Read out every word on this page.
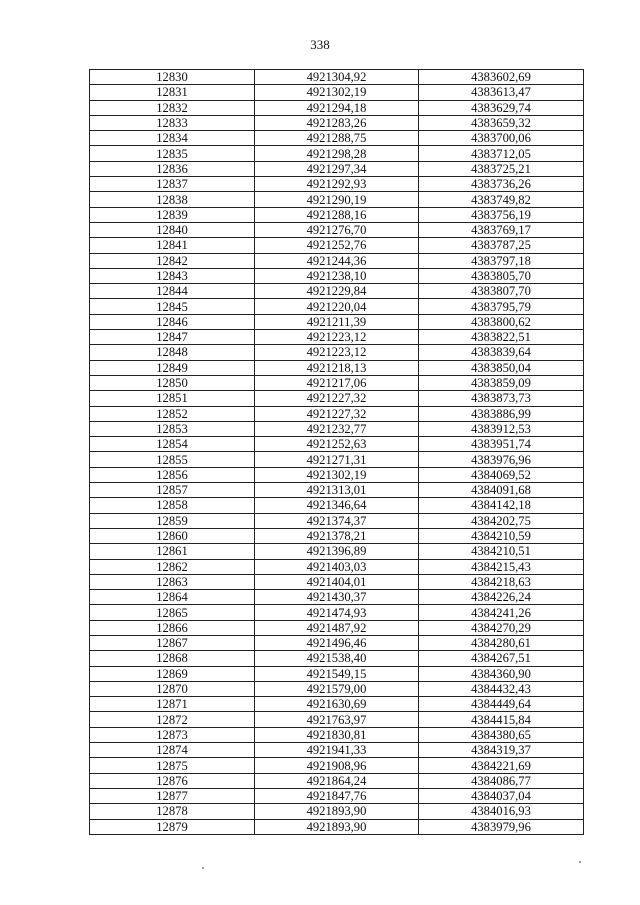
338
12830	4921304,92	4383602,69
12831	4921302,19	4383613,47
12832	4921294,18	4383629,74
12833	4921283,26	4383659,32
12834	4921288,75	4383700,06
12835	4921298,28	4383712,05
12836	4921297,34	4383725,21
12837	4921292,93	4383736,26
12838	4921290,19	4383749,82
12839	4921288,16	4383756,19
12840	4921276,70	4383769,17
12841	4921252,76	4383787,25
12842	4921244,36	4383797,18
12843	4921238,10	4383805,70
12844	4921229,84	4383807,70
12845	4921220,04	4383795,79
12846	4921211,39	4383800,62
12847	4921223,12	4383822,51
12848	4921223,12	4383839,64
12849	4921218,13	4383850,04
12850	4921217,06	4383859,09
12851	4921227,32	4383873,73
12852	4921227,32	4383886,99
12853	4921232,77	4383912,53
12854	4921252,63	4383951,74
12855	4921271,31	4383976,96
12856	4921302,19	4384069,52
12857	4921313,01	4384091,68
12858	4921346,64	4384142,18
12859	4921374,37	4384202,75
12860	4921378,21	4384210,59
12861	4921396,89	4384210,51
12862	4921403,03	4384215,43
12863	4921404,01	4384218,63
12864	4921430,37	4384226,24
12865	4921474,93	4384241,26
12866	4921487,92	4384270,29
12867	4921496,46	4384280,61
12868	4921538,40	4384267,51
12869	4921549,15	4384360,90
12870	4921579,00	4384432,43
12871	4921630,69	4384449,64
12872	4921763,97	4384415,84
12873	4921830,81	4384380,65
12874	4921941,33	4384319,37
12875	4921908,96	4384221,69
12876	4921864,24	4384086,77
12877	4921847,76	4384037,04
12878	4921893,90	4384016,93
12879	4921893,90	4383979,96
